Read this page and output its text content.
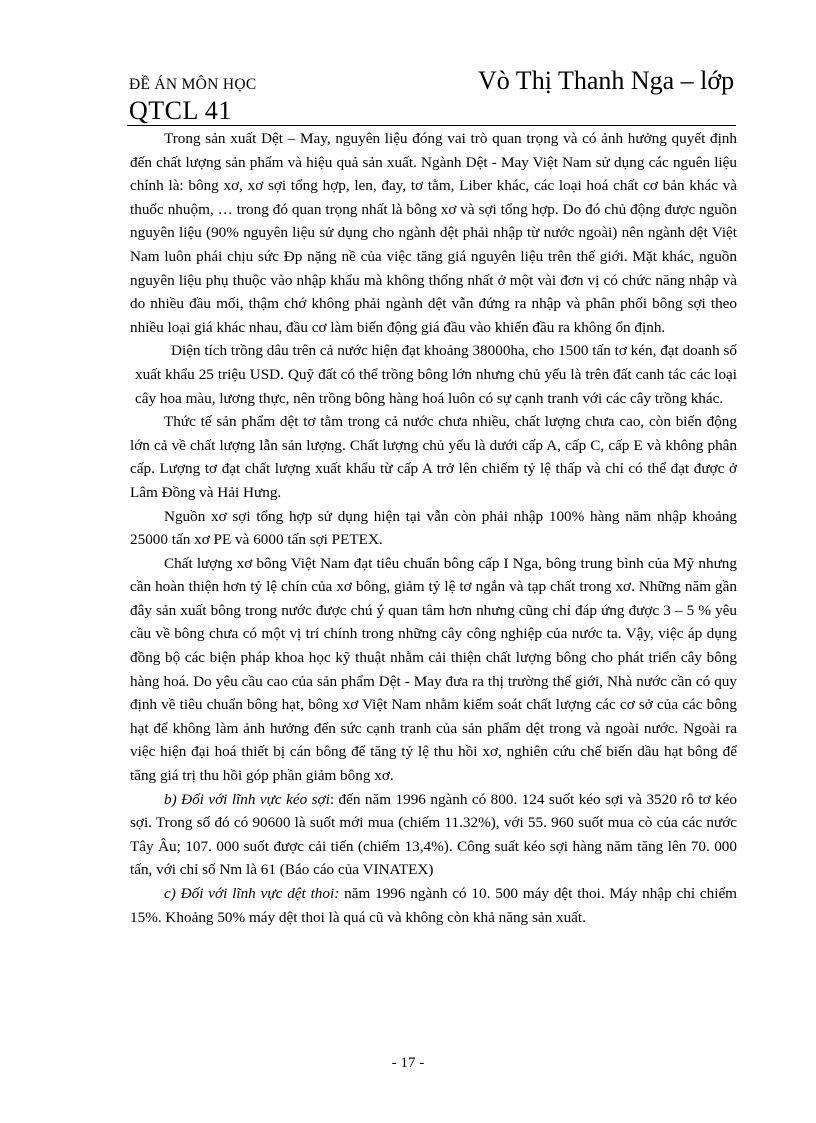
ĐỀ ÁN MÔN HỌC	Vò Thị Thanh Nga – lớp
QTCL 41

Trong sản xuất Dệt – May, nguyên liệu đóng vai trò quan trọng và có ảnh hưởng quyết định đến chất lượng sản phẩm và hiệu quả sản xuất. Ngành Dệt - May Việt Nam sử dụng các nguên liệu chính là: bông xơ, xơ sợi tổng hợp, len, đay, tơ tằm, Liber khác, các loại hoá chất cơ bản khác và thuốc nhuộm, … trong đó quan trọng nhất là bông xơ và sợi tổng hợp. Do đó chủ động được nguồn nguyên liệu (90% nguyên liệu sử dụng cho ngành dệt phải nhập từ nước ngoài) nên ngành dệt Việt Nam luôn phái chịu sức Đp nặng nề của việc tăng giá nguyên liệu trên thế giới. Mặt khác, nguồn nguyên liệu phụ thuộc vào nhập khẩu mà không thống nhất ở một vài đơn vị có chức năng nhập và do nhiều đầu mối, thậm chớ không phải ngành dệt vẫn đứng ra nhập và phân phối bông sợi theo nhiều loại giá khác nhau, đầu cơ làm biến động giá đầu vào khiến đầu ra không ổn định.

Diện tích trồng dâu trên cả nước hiện đạt khoảng 38000ha, cho 1500 tấn tơ kén, đạt doanh số xuất khẩu 25 triệu USD. Quỹ đất có thể trồng bông lớn nhưng chủ yếu là trên đất canh tác các loại cây hoa màu, lương thực, nên trồng bông hàng hoá luôn có sự cạnh tranh với các cây trồng khác.

Thức tế sản phẩm dệt tơ tằm trong cả nước chưa nhiều, chất lượng chưa cao, còn biến động lớn cả về chất lượng lẫn sản lượng. Chất lượng chủ yếu là dưới cấp A, cấp C, cấp E và không phân cấp. Lượng tơ đạt chất lượng xuất khẩu từ cấp A trở lên chiếm tỷ lệ thấp và chỉ có thể đạt được ở Lâm Đồng và Hải Hưng.

Nguồn xơ sợi tổng hợp sử dụng hiện tại vẫn còn phải nhập 100% hàng năm nhập khoảng 25000 tấn xơ PE và 6000 tấn sợi PETEX.

Chất lượng xơ bông Việt Nam đạt tiêu chuẩn bông cấp I Nga, bông trung bình của Mỹ nhưng cần hoàn thiện hơn tỷ lệ chín của xơ bông, giảm tỷ lệ tơ ngắn và tạp chất trong xơ. Những năm gần đây sản xuất bông trong nước được chú ý quan tâm hơn nhưng cũng chỉ đáp ứng được 3 – 5 % yêu cầu về bông chưa có một vị trí chính trong những cây công nghiệp của nước ta. Vậy, việc áp dụng đồng bộ các biện pháp khoa học kỹ thuật nhằm cải thiện chất lượng bông cho phát triển cây bông hàng hoá. Do yêu cầu cao của sản phẩm Dệt - May đưa ra thị trường thế giới, Nhà nước cần có quy định về tiêu chuẩn bông hạt, bông xơ Việt Nam nhằm kiểm soát chất lượng các cơ sở của các bông hạt để không làm ảnh hưởng đến sức cạnh tranh của sản phẩm dệt trong và ngoài nước. Ngoài ra việc hiện đại hoá thiết bị cán bông để tăng tỷ lệ thu hồi xơ, nghiên cứu chế biến dầu hạt bông để tăng giá trị thu hồi góp phần giảm bông xơ.

b) Đối với lĩnh vực kéo sợi: đến năm 1996 ngành có 800. 124 suốt kéo sợi và 3520 rô tơ kéo sợi. Trong số đó có 90600 là suốt mới mua (chiếm 11.32%), với 55. 960 suốt mua cò của các nước Tây Âu; 107. 000 suốt được cải tiến (chiếm 13,4%). Công suất kéo sợi hàng năm tăng lên 70. 000 tấn, với chỉ số Nm là 61 (Báo cáo của VINATEX)

c) Đối với lĩnh vực dệt thoi: năm 1996 ngành có 10. 500 máy dệt thoi. Máy nhập chỉ chiếm 15%. Khoảng 50% máy dệt thoi là quá cũ và không còn khả năng sản xuất.

- 17 -
